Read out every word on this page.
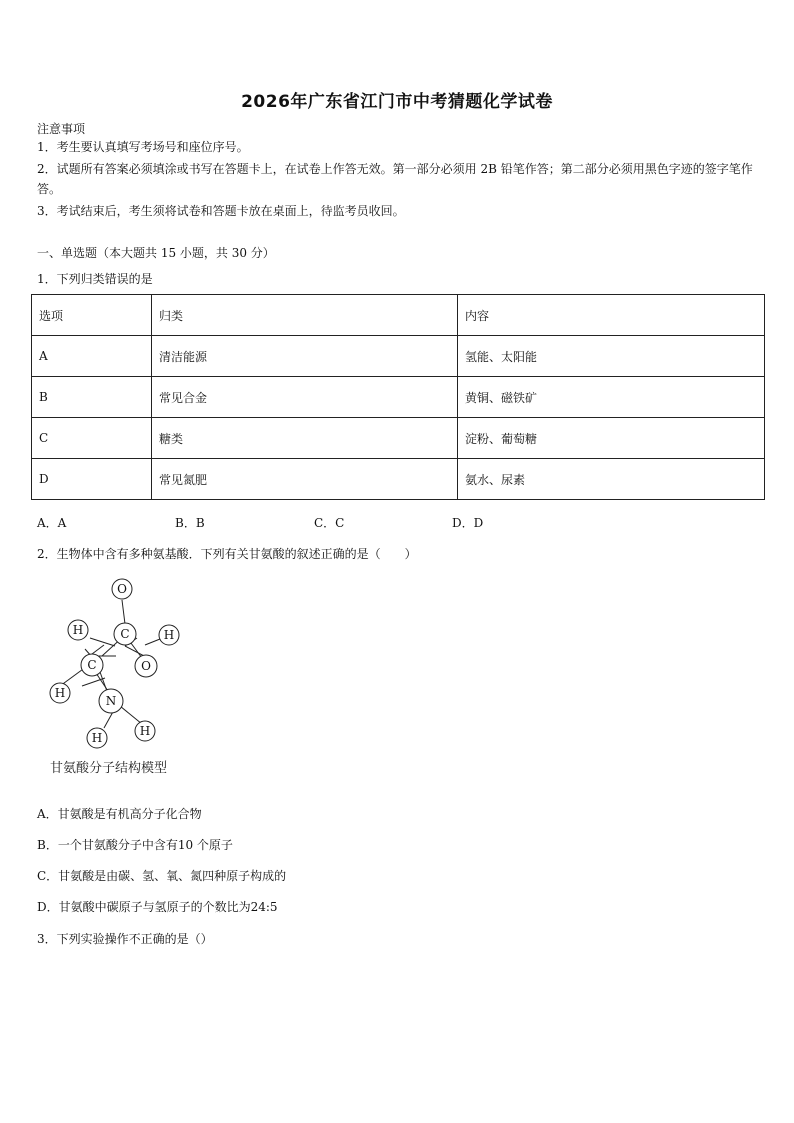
2026年广东省江门市中考猜题化学试卷
注意事项
1．考生要认真填写考场号和座位序号。
2．试题所有答案必须填涂或书写在答题卡上，在试卷上作答无效。第一部分必须用 2B 铅笔作答；第二部分必须用黑色字迹的签字笔作答。
3．考试结束后，考生须将试卷和答题卡放在桌面上，待监考员收回。
一、单选题（本大题共 15 小题，共 30 分）
1．下列归类错误的是
选项	归类	内容
A	清洁能源	氢能、太阳能
B	常见合金	黄铜、磁铁矿
C	糖类	淀粉、葡萄糖
D	常见氮肥	氨水、尿素
A．A	B．B	C．C	D．D
2．生物体中含有多种氨基酸．下列有关甘氨酸的叙述正确的是（　　）
O
H	C	H
C	O
H
N
H	H
甘氨酸分子结构模型
A．甘氨酸是有机高分子化合物
B．一个甘氨酸分子中含有10 个原子
C．甘氨酸是由碳、氢、氧、氮四种原子构成的
D．甘氨酸中碳原子与氢原子的个数比为24:5
3．下列实验操作不正确的是（）
